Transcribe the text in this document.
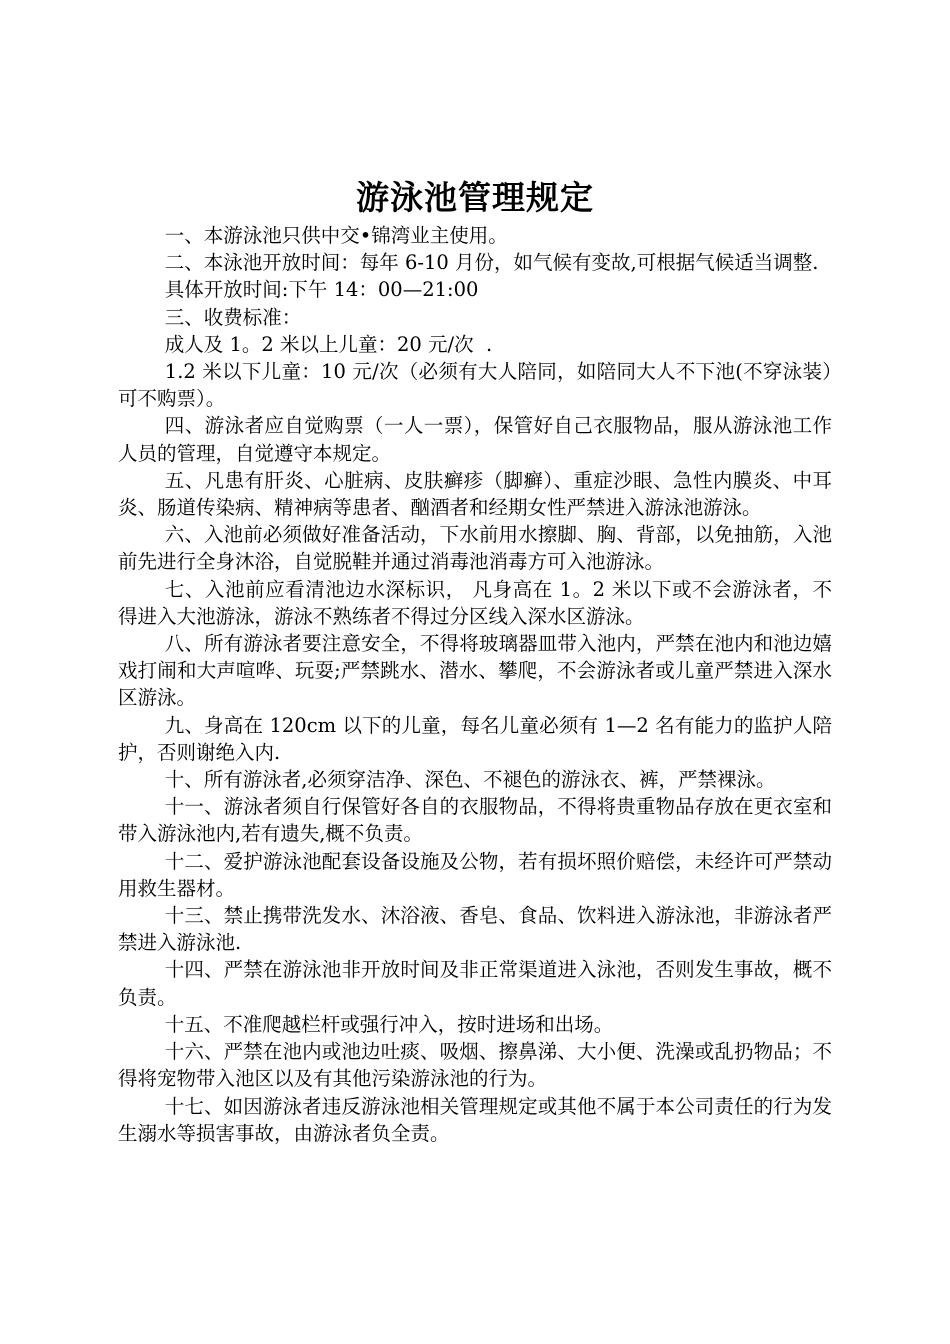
游泳池管理规定

一、本游泳池只供中交•锦湾业主使用。

二、本泳池开放时间：每年 6-10 月份，如气候有变故,可根据气候适当调整.

具体开放时间:下午 14：00—21:00

三、收费标准：

成人及 1。2 米以上儿童：20 元/次  .

1.2 米以下儿童：10 元/次（必须有大人陪同，如陪同大人不下池(不穿泳装）可不购票）。

四、游泳者应自觉购票（一人一票），保管好自己衣服物品，服从游泳池工作人员的管理，自觉遵守本规定。

五、凡患有肝炎、心脏病、皮肤癣疹（脚癣）、重症沙眼、急性内膜炎、中耳炎、肠道传染病、精神病等患者、酗酒者和经期女性严禁进入游泳池游泳。

六、入池前必须做好准备活动，下水前用水擦脚、胸、背部，以免抽筋，入池前先进行全身沐浴，自觉脱鞋并通过消毒池消毒方可入池游泳。

七、入池前应看清池边水深标识， 凡身高在 1。2 米以下或不会游泳者，不得进入大池游泳，游泳不熟练者不得过分区线入深水区游泳。

八、所有游泳者要注意安全，不得将玻璃器皿带入池内，严禁在池内和池边嬉戏打闹和大声喧哗、玩耍;严禁跳水、潜水、攀爬，不会游泳者或儿童严禁进入深水区游泳。

九、身高在 120cm 以下的儿童，每名儿童必须有 1—2 名有能力的监护人陪护，否则谢绝入内.

十、所有游泳者,必须穿洁净、深色、不褪色的游泳衣、裤，严禁裸泳。

十一、游泳者须自行保管好各自的衣服物品，不得将贵重物品存放在更衣室和带入游泳池内,若有遗失,概不负责。

十二、爱护游泳池配套设备设施及公物，若有损坏照价赔偿，未经许可严禁动用救生器材。

十三、禁止携带洗发水、沐浴液、香皂、食品、饮料进入游泳池，非游泳者严禁进入游泳池.

十四、严禁在游泳池非开放时间及非正常渠道进入泳池，否则发生事故，概不负责。

十五、不准爬越栏杆或强行冲入，按时进场和出场。

十六、严禁在池内或池边吐痰、吸烟、擦鼻涕、大小便、洗澡或乱扔物品；不得将宠物带入池区以及有其他污染游泳池的行为。

十七、如因游泳者违反游泳池相关管理规定或其他不属于本公司责任的行为发生溺水等损害事故，由游泳者负全责。
